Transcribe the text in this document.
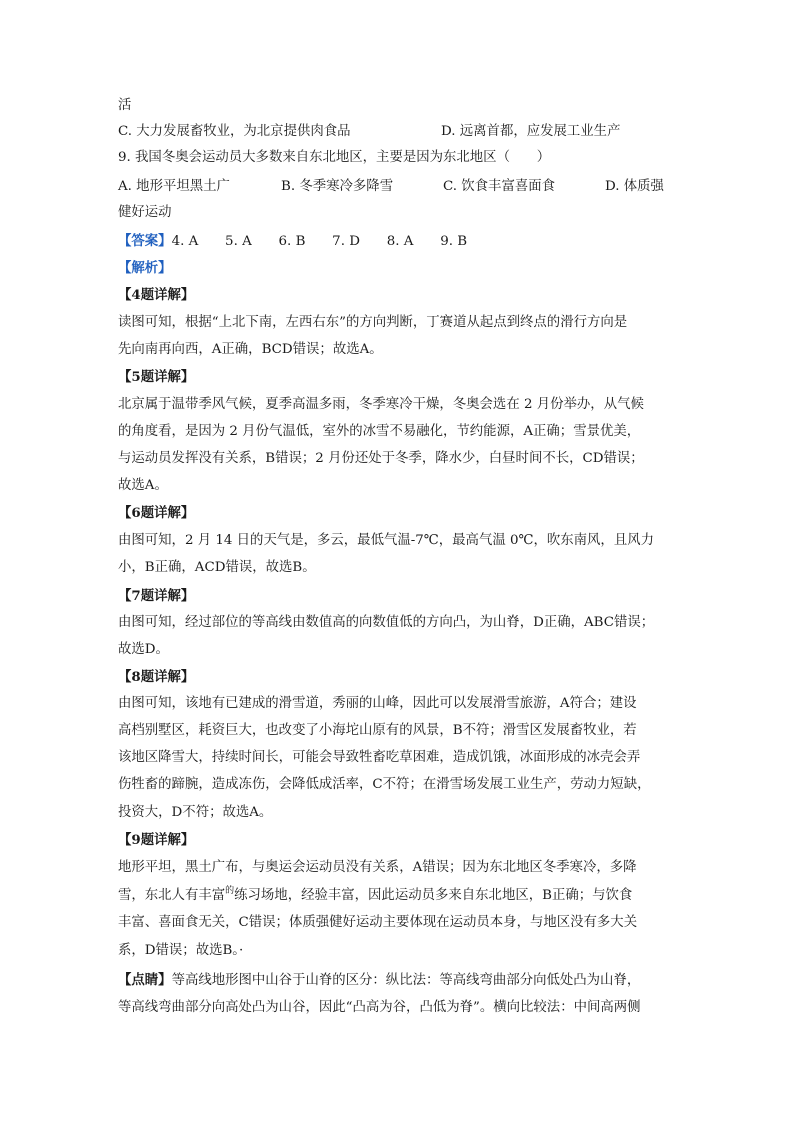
活
C. 大力发展畜牧业，为北京提供肉食品	D. 远离首都，应发展工业生产
9. 我国冬奥会运动员大多数来自东北地区，主要是因为东北地区（　　）
A. 地形平坦黑土广	B. 冬季寒冷多降雪	C. 饮食丰富喜面食	D. 体质强
健好运动
【答案】4. A　　5. A　　6. B　　7. D　　8. A　　9. B
【解析】
【4题详解】
读图可知，根据“上北下南，左西右东”的方向判断，丁赛道从起点到终点的滑行方向是
先向南再向西，A正确，BCD错误；故选A。
【5题详解】
北京属于温带季风气候，夏季高温多雨，冬季寒冷干燥，冬奥会选在 2 月份举办，从气候
的角度看，是因为 2 月份气温低，室外的冰雪不易融化，节约能源，A正确；雪景优美，
与运动员发挥没有关系，B错误；2 月份还处于冬季，降水少，白昼时间不长，CD错误；
故选A。
【6题详解】
由图可知，2 月 14 日的天气是，多云，最低气温-7℃，最高气温 0℃，吹东南风，且风力
小，B正确，ACD错误，故选B。
【7题详解】
由图可知，经过部位的等高线由数值高的向数值低的方向凸，为山脊，D正确，ABC错误；
故选D。
【8题详解】
由图可知，该地有已建成的滑雪道，秀丽的山峰，因此可以发展滑雪旅游，A符合；建设
高档别墅区，耗资巨大，也改变了小海坨山原有的风景，B不符；滑雪区发展畜牧业，若
该地区降雪大，持续时间长，可能会导致牲畜吃草困难，造成饥饿，冰面形成的冰壳会弄
伤牲畜的蹄腕，造成冻伤，会降低成活率，C不符；在滑雪场发展工业生产，劳动力短缺，
投资大，D不符；故选A。
【9题详解】
地形平坦，黑土广布，与奥运会运动员没有关系，A错误；因为东北地区冬季寒冷，多降
雪，东北人有丰富$^的$练习场地，经验丰富，因此运动员多来自东北地区，B正确；与饮食
丰富、喜面食无关，C错误；体质强健好运动主要体现在运动员本身，与地区没有多大关
系，D错误；故选B。·
【点睛】等高线地形图中山谷于山脊的区分：纵比法：等高线弯曲部分向低处凸为山脊，
等高线弯曲部分向高处凸为山谷，因此“凸高为谷，凸低为脊”。横向比较法：中间高两侧
